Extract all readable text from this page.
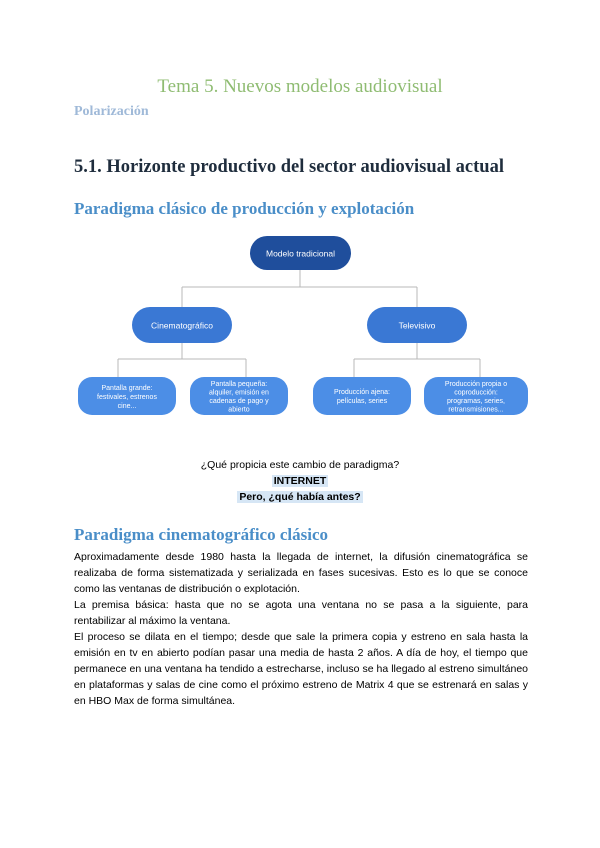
Tema 5. Nuevos modelos audiovisual
Polarización
5.1. Horizonte productivo del sector audiovisual actual
Paradigma clásico de producción y explotación
Modelo tradicional
Cinematográfico	Televisivo
Pantalla grande:
festivales, estrenos
cine...
Pantalla pequeña:
alquiler, emisión en
cadenas de pago y
abierto
Producción ajena:
películas, series
Producción propia o
coproducción:
programas, series,
retransmisiones...
¿Qué propicia este cambio de paradigma?
INTERNET
Pero, ¿qué había antes?
Paradigma cinematográfico clásico

Aproximadamente desde 1980 hasta la llegada de internet, la difusión cinematográfica se realizaba de forma sistematizada y serializada en fases sucesivas. Esto es lo que se conoce como las ventanas de distribución o explotación.

La premisa básica: hasta que no se agota una ventana no se pasa a la siguiente, para rentabilizar al máximo la ventana.

El proceso se dilata en el tiempo; desde que sale la primera copia y estreno en sala hasta la emisión en tv en abierto podían pasar una media de hasta 2 años. A día de hoy, el tiempo que permanece en una ventana ha tendido a estrecharse, incluso se ha llegado al estreno simultáneo en plataformas y salas de cine como el próximo estreno de Matrix 4 que se estrenará en salas y en HBO Max de forma simultánea.
